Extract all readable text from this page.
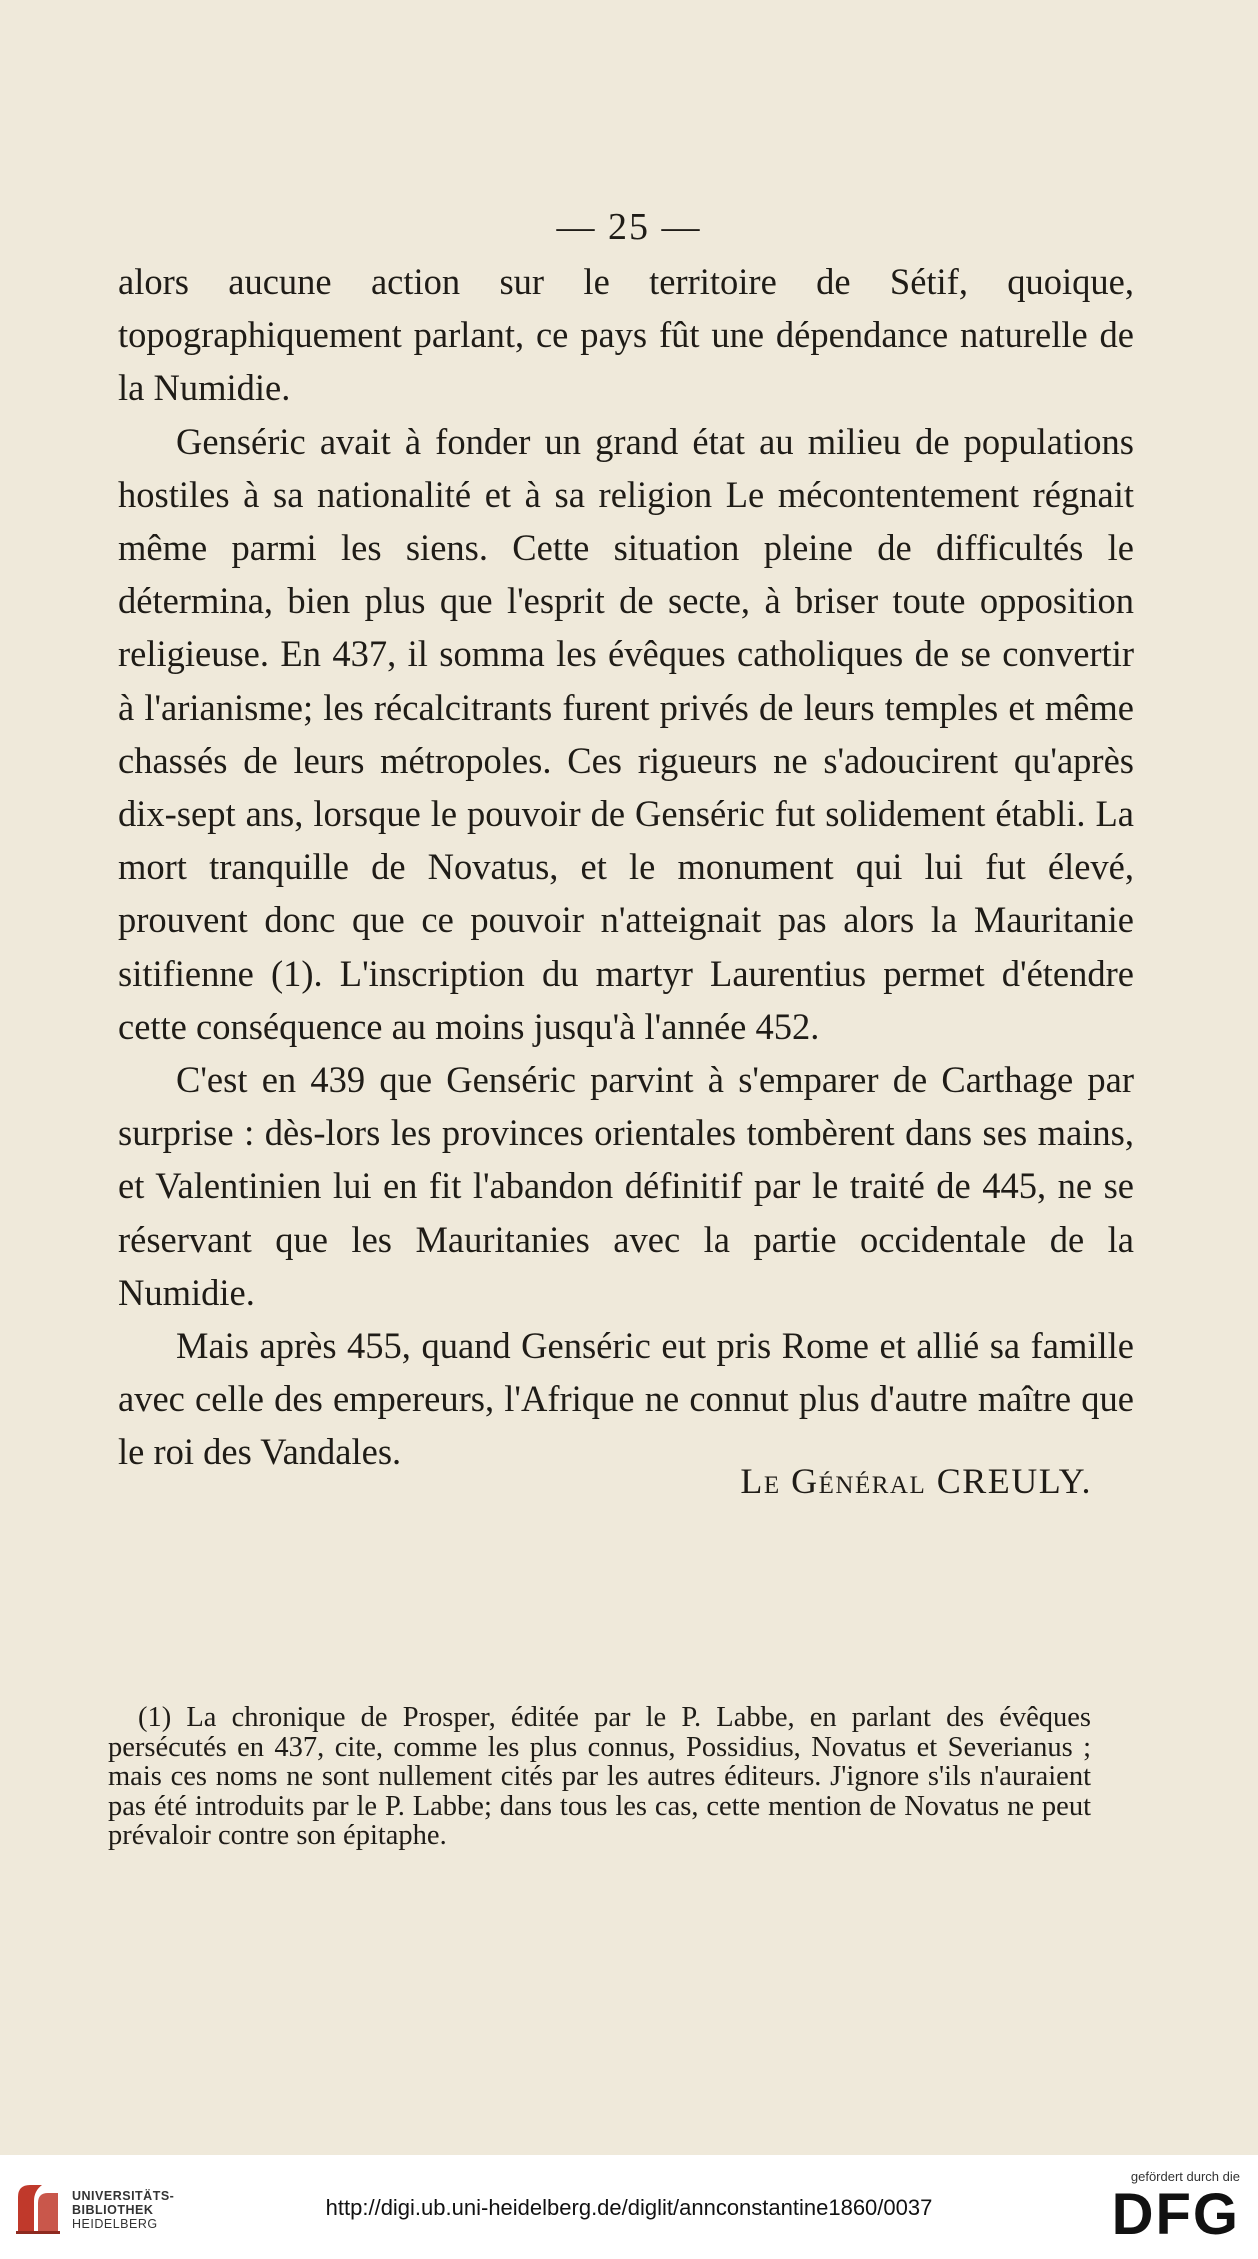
— 25 —

alors aucune action sur le territoire de Sétif, quoique, topographiquement parlant, ce pays fût une dépendance naturelle de la Numidie.

Genséric avait à fonder un grand état au milieu de populations hostiles à sa nationalité et à sa religion Le mécontentement régnait même parmi les siens. Cette situation pleine de difficultés le détermina, bien plus que l'esprit de secte, à briser toute opposition religieuse. En 437, il somma les évêques catholiques de se convertir à l'arianisme; les récalcitrants furent privés de leurs temples et même chassés de leurs métropoles. Ces rigueurs ne s'adoucirent qu'après dix-sept ans, lorsque le pouvoir de Genséric fut solidement établi. La mort tranquille de Novatus, et le monument qui lui fut élevé, prouvent donc que ce pouvoir n'atteignait pas alors la Mauritanie sitifienne (1). L'inscription du martyr Laurentius permet d'étendre cette conséquence au moins jusqu'à l'année 452.

C'est en 439 que Genséric parvint à s'emparer de Carthage par surprise : dès-lors les provinces orientales tombèrent dans ses mains, et Valentinien lui en fit l'abandon définitif par le traité de 445, ne se réservant que les Mauritanies avec la partie occidentale de la Numidie.

Mais après 455, quand Genséric eut pris Rome et allié sa famille avec celle des empereurs, l'Afrique ne connut plus d'autre maître que le roi des Vandales.

Le Général CREULY.

(1) La chronique de Prosper, éditée par le P. Labbe, en parlant des évêques persécutés en 437, cite, comme les plus connus, Possidius, Novatus et Severianus ; mais ces noms ne sont nullement cités par les autres éditeurs. J'ignore s'ils n'auraient pas été introduits par le P. Labbe; dans tous les cas, cette mention de Novatus ne peut prévaloir contre son épitaphe.

UNIVERSITÄTS-
BIBLIOTHEK
HEIDELBERG
http://digi.ub.uni-heidelberg.de/diglit/annconstantine1860/0037
gefördert durch die
DFG
